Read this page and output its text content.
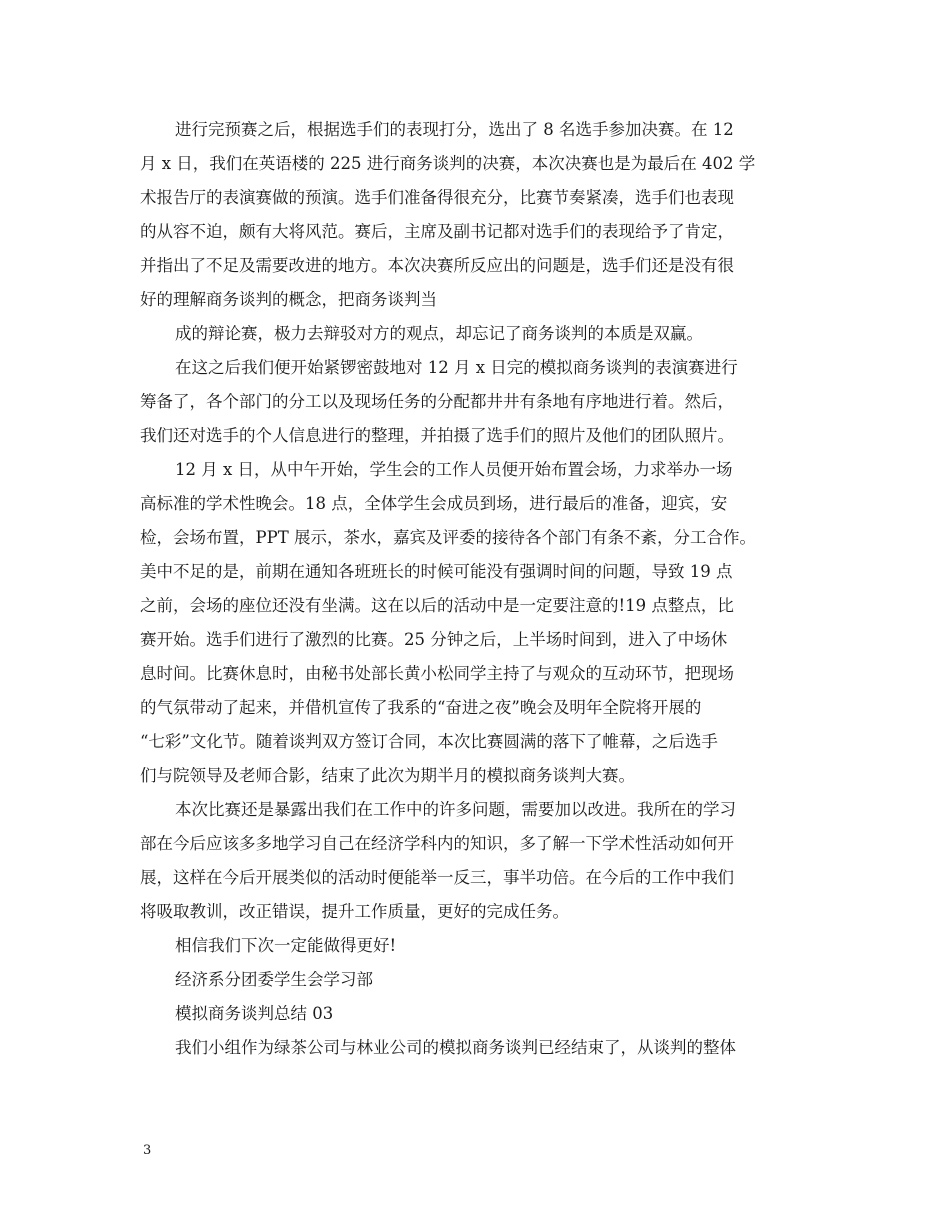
进行完预赛之后，根据选手们的表现打分，选出了 8 名选手参加决赛。在 12
月 x 日，我们在英语楼的 225 进行商务谈判的决赛，本次决赛也是为最后在 402 学
术报告厅的表演赛做的预演。选手们准备得很充分，比赛节奏紧凑，选手们也表现
的从容不迫，颇有大将风范。赛后，主席及副书记都对选手们的表现给予了肯定，
并指出了不足及需要改进的地方。本次决赛所反应出的问题是，选手们还是没有很
好的理解商务谈判的概念，把商务谈判当
成的辩论赛，极力去辩驳对方的观点，却忘记了商务谈判的本质是双赢。
在这之后我们便开始紧锣密鼓地对 12 月 x 日完的模拟商务谈判的表演赛进行
筹备了，各个部门的分工以及现场任务的分配都井井有条地有序地进行着。然后，
我们还对选手的个人信息进行的整理，并拍摄了选手们的照片及他们的团队照片。
12 月 x 日，从中午开始，学生会的工作人员便开始布置会场，力求举办一场
高标准的学术性晚会。18 点，全体学生会成员到场，进行最后的准备，迎宾，安
检，会场布置，PPT 展示，茶水，嘉宾及评委的接待各个部门有条不紊，分工合作。
美中不足的是，前期在通知各班班长的时候可能没有强调时间的问题，导致 19 点
之前，会场的座位还没有坐满。这在以后的活动中是一定要注意的!19 点整点，比
赛开始。选手们进行了激烈的比赛。25 分钟之后，上半场时间到，进入了中场休
息时间。比赛休息时，由秘书处部长黄小松同学主持了与观众的互动环节，把现场
的气氛带动了起来，并借机宣传了我系的“奋进之夜”晚会及明年全院将开展的
“七彩”文化节。随着谈判双方签订合同，本次比赛圆满的落下了帷幕，之后选手
们与院领导及老师合影，结束了此次为期半月的模拟商务谈判大赛。
本次比赛还是暴露出我们在工作中的许多问题，需要加以改进。我所在的学习
部在今后应该多多地学习自己在经济学科内的知识，多了解一下学术性活动如何开
展，这样在今后开展类似的活动时便能举一反三，事半功倍。在今后的工作中我们
将吸取教训，改正错误，提升工作质量，更好的完成任务。
相信我们下次一定能做得更好!
经济系分团委学生会学习部
模拟商务谈判总结 03
我们小组作为绿茶公司与林业公司的模拟商务谈判已经结束了，从谈判的整体
3
